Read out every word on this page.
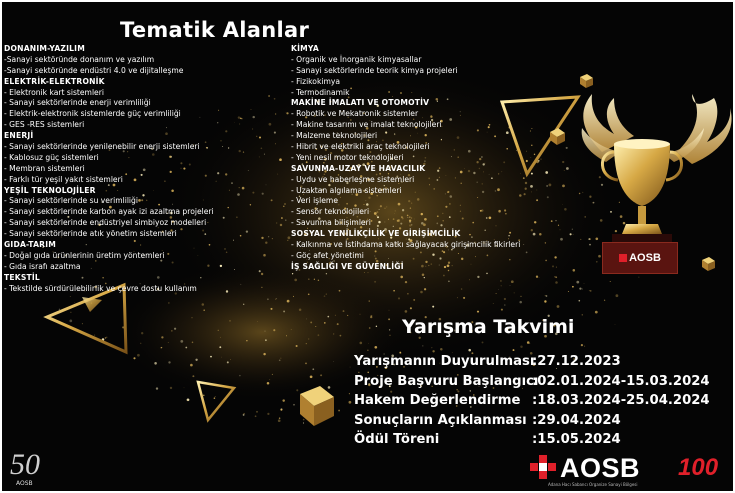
AOSB
Tematik Alanlar
DONANIM-YAZILIM
-Sanayi sektöründe donanım ve yazılım
-Sanayi sektöründe endüstri 4.0 ve dijitalleşme
ELEKTRİK-ELEKTRONİK
- Elektronik kart sistemleri
- Sanayi sektörlerinde enerji verimliliği
- Elektrik-elektronik sistemlerde güç verimliliği
- GES -RES sistemleri
ENERJİ
- Sanayi sektörlerinde yenilenebilir enerji sistemleri
- Kablosuz güç sistemleri
- Membran sistemleri
- Farklı tür yeşil yakıt sistemleri
YEŞİL TEKNOLOJİLER
- Sanayi sektörlerinde su verimliliği
- Sanayi sektörlerinde karbon ayak izi azaltma projeleri
- Sanayi sektörlerinde endüstriyel simbiyoz modelleri
- Sanayi sektörlerinde atık yönetim sistemleri
GIDA-TARIM
- Doğal gıda ürünlerinin üretim yöntemleri
- Gıda israfı azaltma
TEKSTİL
- Tekstilde sürdürülebilirlik ve çevre dostu kullanım
KİMYA
- Organik ve İnorganik kimyasallar
- Sanayi sektörlerinde teorik kimya projeleri
- Fizikokimya
- Termodinamik
MAKİNE İMALATI VE OTOMOTİV
- Robotik ve Mekatronik sistemler
- Makine tasarımı ve imalat teknolojileri
- Malzeme teknolojileri
- Hibrit ve elektrikli araç teknolojileri
- Yeni nesil motor teknolojileri
SAVUNMA-UZAY VE HAVACILIK
- Uydu ve haberleşme sistemleri
- Uzaktan algılama sistemleri
- Veri işleme
- Sensör teknolojileri
- Savunma bilişimleri
SOSYAL YENİLİKÇİLİK VE GİRİŞİMCİLİK
- Kalkınma ve İstihdama katkı sağlayacak girişimcilik fikirleri
- Göç afet yönetimi
İŞ SAĞLIĞI VE GÜVENLİĞİ
Yarışma Takvimi
Yarışmanın Duyurulması
:27.12.2023
Proje Başvuru Başlangıcı
:02.01.2024-15.03.2024
Hakem Değerlendirme :18.03.2024-25.04.2024
Sonuçların Açıklanması :29.04.2024
Ödül Töreni	:15.05.2024
50
AOSB
AOSB
Adana Hacı Sabancı Organize Sanayi Bölgesi
100
